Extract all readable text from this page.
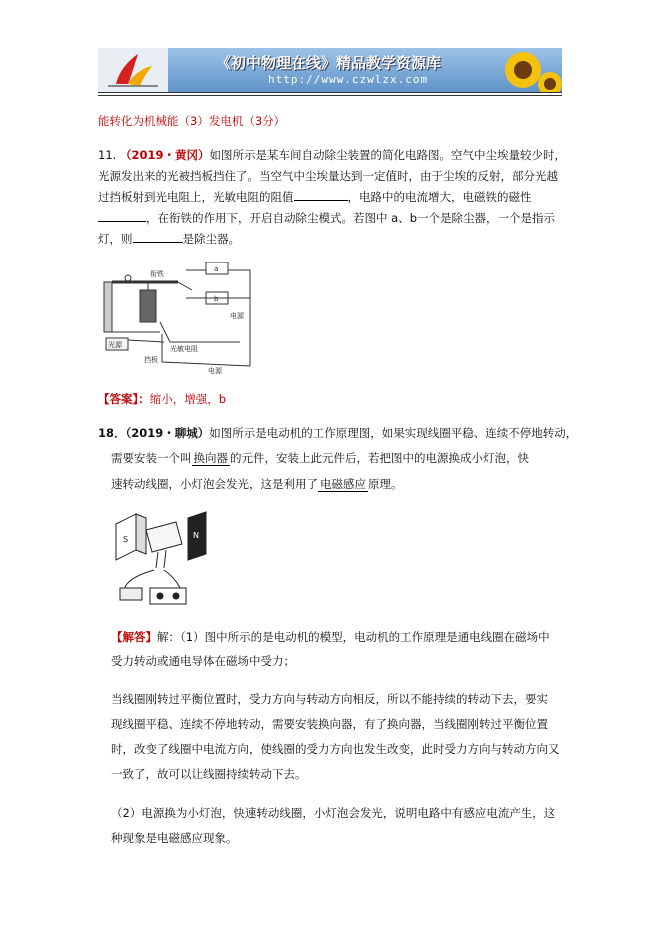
《初中物理在线》精品教学资源库
http://www.czwlzx.com
能转化为机械能（3）发电机（3分）
11. （2019・黄冈）如图所示是某车间自动除尘装置的简化电路图。空气中尘埃量较少时，
光源发出来的光被挡板挡住了。当空气中尘埃量达到一定值时，由于尘埃的反射，部分光越
过挡板射到光电阻上，光敏电阻的阻值	，电路中的电流增大，电磁铁的磁性
，在衔铁的作用下，开启自动除尘模式。若图中 a、b一个是除尘器，一个是指示
灯，则	是除尘器。
衔铁
a
b
电源
光源	光敏电阻
挡板
电源
【答案】：缩小，增强，b
18．（2019・聊城）如图所示是电动机的工作原理图，如果实现线圈平稳、连续不停地转动，
需要安装一个叫 换向器 的元件，安装上此元件后，若把图中的电源换成小灯泡，快
速转动线圈，小灯泡会发光，这是利用了 电磁感应 原理。
S	N
【解答】解：（1）图中所示的是电动机的模型，电动机的工作原理是通电线圈在磁场中
受力转动或通电导体在磁场中受力；
当线圈刚转过平衡位置时，受力方向与转动方向相反，所以不能持续的转动下去，要实
现线圈平稳、连续不停地转动，需要安装换向器，有了换向器，当线圈刚转过平衡位置
时，改变了线圈中电流方向，使线圈的受力方向也发生改变，此时受力方向与转动方向又
一致了，故可以让线圈持续转动下去。
（2）电源换为小灯泡，快速转动线圈，小灯泡会发光，说明电路中有感应电流产生，这
种现象是电磁感应现象。
